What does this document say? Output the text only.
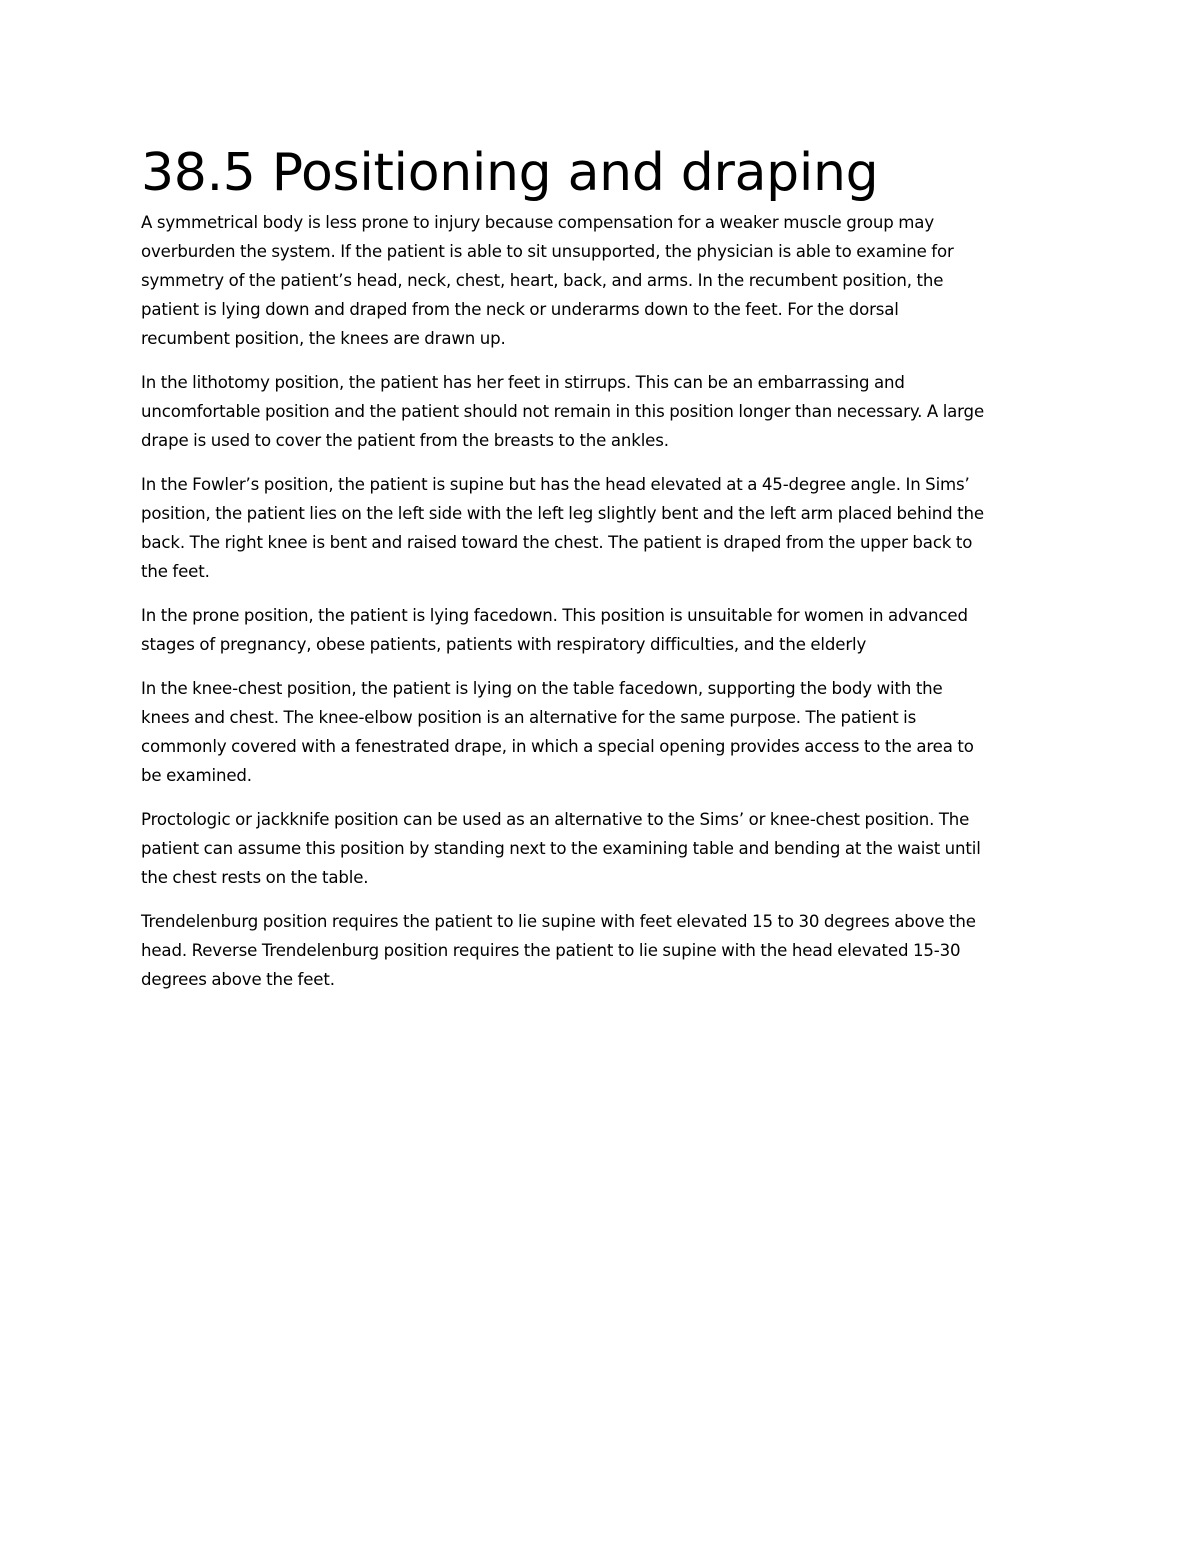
38.5 Positioning and draping

A symmetrical body is less prone to injury because compensation for a weaker muscle group may
overburden the system. If the patient is able to sit unsupported, the physician is able to examine for
symmetry of the patient’s head, neck, chest, heart, back, and arms. In the recumbent position, the
patient is lying down and draped from the neck or underarms down to the feet. For the dorsal
recumbent position, the knees are drawn up.

In the lithotomy position, the patient has her feet in stirrups. This can be an embarrassing and
uncomfortable position and the patient should not remain in this position longer than necessary. A large
drape is used to cover the patient from the breasts to the ankles.

In the Fowler’s position, the patient is supine but has the head elevated at a 45-degree angle. In Sims’
position, the patient lies on the left side with the left leg slightly bent and the left arm placed behind the
back. The right knee is bent and raised toward the chest. The patient is draped from the upper back to
the feet.

In the prone position, the patient is lying facedown. This position is unsuitable for women in advanced
stages of pregnancy, obese patients, patients with respiratory difficulties, and the elderly

In the knee-chest position, the patient is lying on the table facedown, supporting the body with the
knees and chest. The knee-elbow position is an alternative for the same purpose. The patient is
commonly covered with a fenestrated drape, in which a special opening provides access to the area to
be examined.

Proctologic or jackknife position can be used as an alternative to the Sims’ or knee-chest position. The
patient can assume this position by standing next to the examining table and bending at the waist until
the chest rests on the table.

Trendelenburg position requires the patient to lie supine with feet elevated 15 to 30 degrees above the
head. Reverse Trendelenburg position requires the patient to lie supine with the head elevated 15-30
degrees above the feet.
